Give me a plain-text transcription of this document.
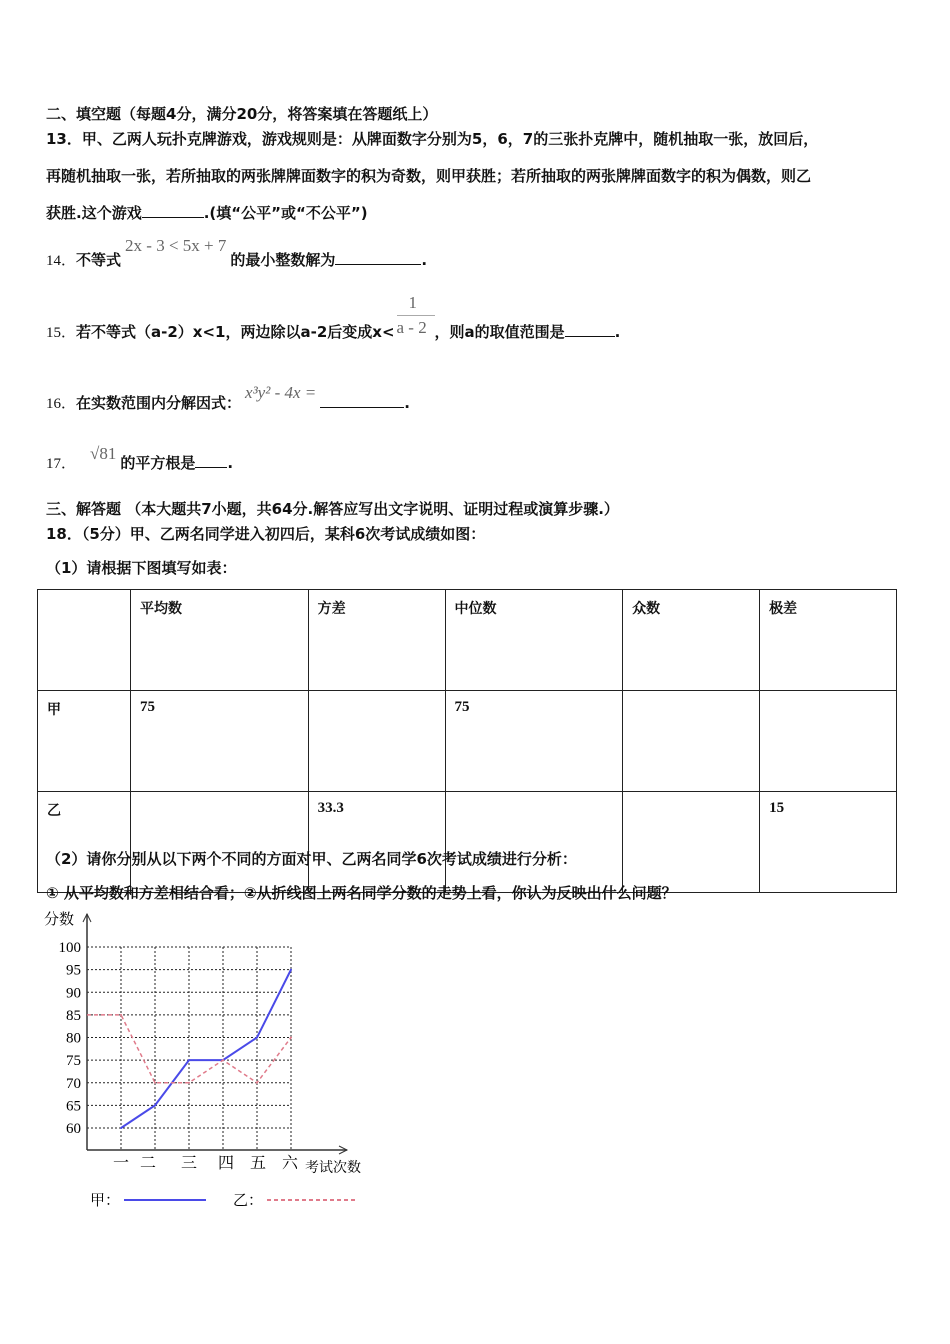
二、填空题（每题4分，满分20分，将答案填在答题纸上）
13．甲、乙两人玩扑克牌游戏，游戏规则是：从牌面数字分别为5，6，7的三张扑克牌中，随机抽取一张，放回后，
再随机抽取一张，若所抽取的两张牌牌面数字的积为奇数，则甲获胜；若所抽取的两张牌牌面数字的积为偶数，则乙
获胜.这个游戏	.(填“公平”或“不公平”)
14．不等式2x - 3 < 5x + 7的最小整数解为	.
15．若不等式（a-2）x<1，两边除以a-2后变成$x< \frac{1}{a - 2}$ ，则a的取值范围是	.
16．在实数范围内分解因式：x³y² - 4x =.
17．√81 的平方根是 .
三、解答题 （本大题共7小题，共64分.解答应写出文字说明、证明过程或演算步骤.）
18．（5分）甲、乙两名同学进入初四后，某科6次考试成绩如图：
（1）请根据下图填写如表：
	平均数	方差	中位数	众数	极差
甲	75		75		
乙		33.3			15
（2）请你分别从以下两个不同的方面对甲、乙两名同学6次考试成绩进行分析：
① 从平均数和方差相结合看；②从折线图上两名同学分数的走势上看，你认为反映出什么问题？
60
65
70
75
80
85
90
95
100
分数
考试次数
一 二 三 四 五 六
甲：	乙：
